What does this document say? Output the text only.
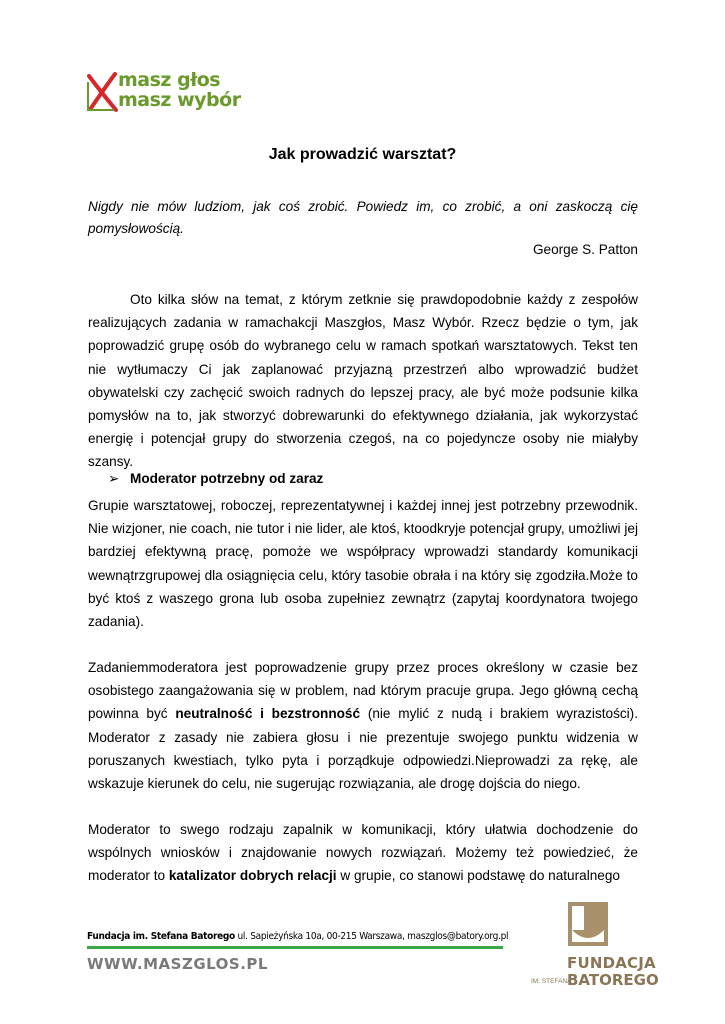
masz głos
masz wybór
Jak prowadzić warsztat?
Nigdy nie mów ludziom, jak coś zrobić. Powiedz im, co zrobić, a oni zaskoczą cię pomysłowością.
George S. Patton
Oto kilka słów na temat, z którym zetknie się prawdopodobnie każdy z zespołów realizujących zadania w ramachakcji Maszgłos, Masz Wybór. Rzecz będzie o tym, jak poprowadzić grupę osób do wybranego celu w ramach spotkań warsztatowych. Tekst ten nie wytłumaczy Ci jak zaplanować przyjazną przestrzeń albo wprowadzić budżet obywatelski czy zachęcić swoich radnych do lepszej pracy, ale być może podsunie kilka pomysłów na to, jak stworzyć dobrewarunki do efektywnego działania, jak wykorzystać energię i potencjał grupy do stworzenia czegoś, na co pojedyncze osoby nie miałyby szansy.
➢ Moderator potrzebny od zaraz
Grupie warsztatowej, roboczej, reprezentatywnej i każdej innej jest potrzebny przewodnik. Nie wizjoner, nie coach, nie tutor i nie lider, ale ktoś, ktoodkryje potencjał grupy, umożliwi jej bardziej efektywną pracę, pomoże we współpracy wprowadzi standardy komunikacji wewnątrzgrupowej dla osiągnięcia celu, który tasobie obrała i na który się zgodziła.Może to być ktoś z waszego grona lub osoba zupełniez zewnątrz (zapytaj koordynatora twojego zadania).
Zadaniemmoderatora jest poprowadzenie grupy przez proces określony w czasie bez osobistego zaangażowania się w problem, nad którym pracuje grupa. Jego główną cechą powinna być neutralność i bezstronność (nie mylić z nudą i brakiem wyrazistości). Moderator z zasady nie zabiera głosu i nie prezentuje swojego punktu widzenia w poruszanych kwestiach, tylko pyta i porządkuje odpowiedzi.Nieprowadzi za rękę, ale wskazuje kierunek do celu, nie sugerując rozwiązania, ale drogę dojścia do niego.
Moderator to swego rodzaju zapalnik w komunikacji, który ułatwia dochodzenie do wspólnych wniosków i znajdowanie nowych rozwiązań. Możemy też powiedzieć, że moderator to katalizator dobrych relacji w grupie, co stanowi podstawę do naturalnego
Fundacja im. Stefana Batorego ul. Sapieżyńska 10a, 00-215 Warszawa, maszglos@batory.org.pl
WWW.MASZGLOS.PL	FUNDACJA
IM. STEFANA
BATOREGO
